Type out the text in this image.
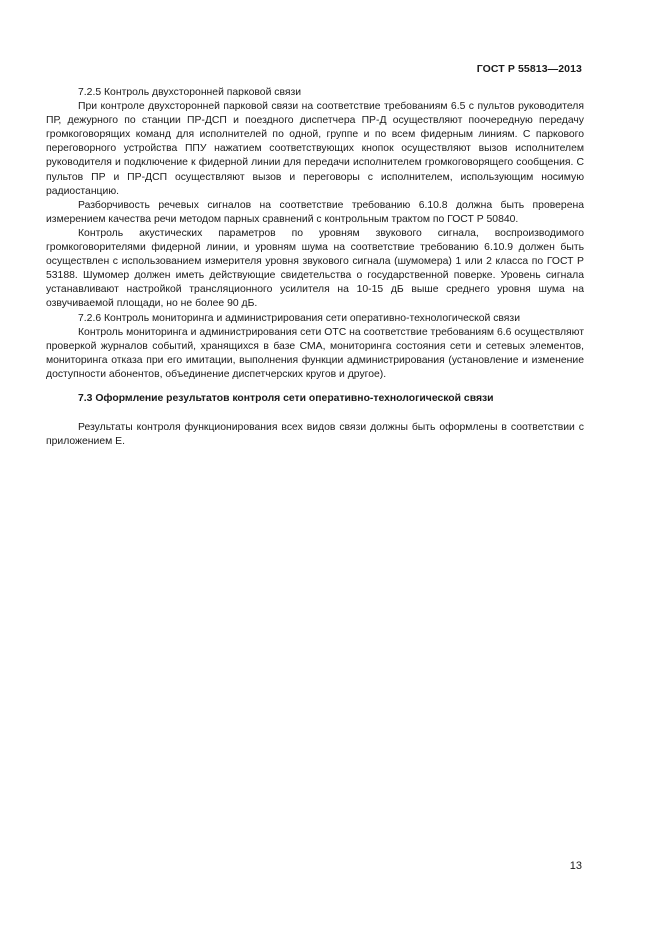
ГОСТ Р 55813—2013

7.2.5 Контроль двухсторонней парковой связи

При контроле двухсторонней парковой связи на соответствие требованиям 6.5 с пультов руководителя ПР, дежурного по станции ПР-ДСП и поездного диспетчера ПР-Д осуществляют поочередную передачу громкоговорящих команд для исполнителей по одной, группе и по всем фидерным линиям. С паркового переговорного устройства ППУ нажатием соответствующих кнопок осуществляют вызов исполнителем руководителя и подключение к фидерной линии для передачи исполнителем громкоговорящего сообщения. С пультов ПР и ПР-ДСП осуществляют вызов и переговоры с исполнителем, использующим носимую радиостанцию.

Разборчивость речевых сигналов на соответствие требованию 6.10.8 должна быть проверена измерением качества речи методом парных сравнений с контрольным трактом по ГОСТ Р 50840.

Контроль акустических параметров по уровням звукового сигнала, воспроизводимого громкоговорителями фидерной линии, и уровням шума на соответствие требованию 6.10.9 должен быть осуществлен с использованием измерителя уровня звукового сигнала (шумомера) 1 или 2 класса по ГОСТ Р 53188. Шумомер должен иметь действующие свидетельства о государственной поверке. Уровень сигнала устанавливают настройкой трансляционного усилителя на 10-15 дБ выше среднего уровня шума на озвучиваемой площади, но не более 90 дБ.

7.2.6 Контроль мониторинга и администрирования сети оперативно-технологической связи

Контроль мониторинга и администрирования сети ОТС на соответствие требованиям 6.6 осуществляют проверкой журналов событий, хранящихся в базе СМА, мониторинга состояния сети и сетевых элементов, мониторинга отказа при его имитации, выполнения функции администрирования (установление и изменение доступности абонентов, объединение диспетчерских кругов и другое).

7.3 Оформление результатов контроля сети оперативно-технологической связи

Результаты контроля функционирования всех видов связи должны быть оформлены в соответствии с приложением Е.

13
